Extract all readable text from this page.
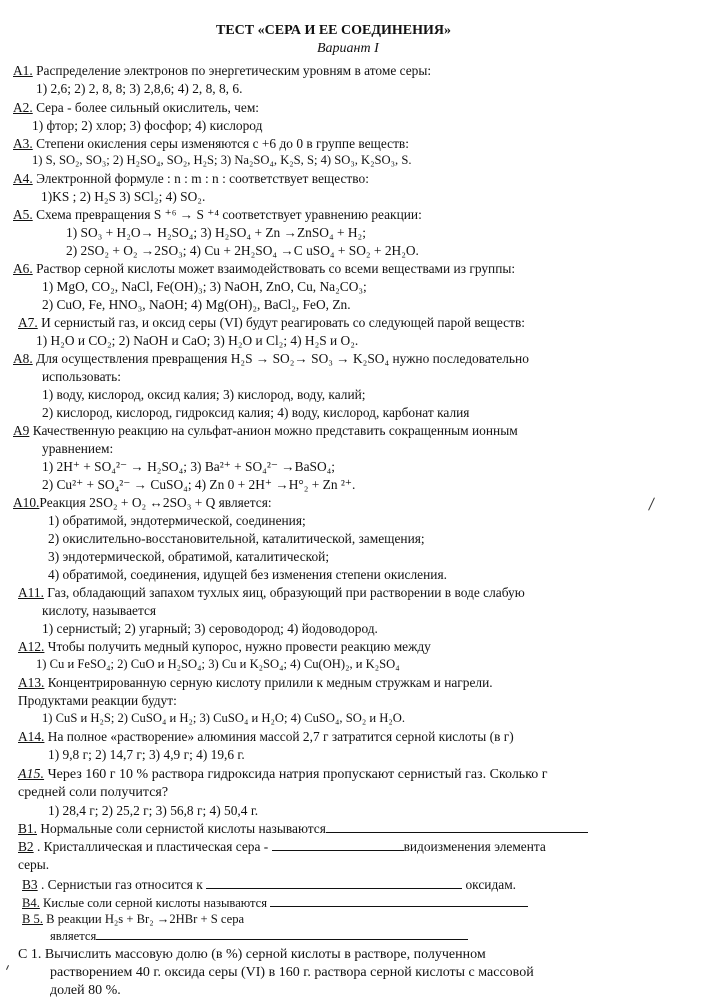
ТЕСТ «СЕРА И ЕЕ СОЕДИНЕНИЯ»
Вариант I
A1. Распределение электронов по энергетическим уровням в атоме серы:
1) 2,6; 2) 2, 8, 8; 3) 2,8,6; 4) 2, 8, 8, 6.
A2. Сера - более сильный окислитель, чем:
1) фтор; 2) хлор; 3) фосфор; 4) кислород
A3. Степени окисления серы изменяются с +6 до 0 в группе веществ:
1) S, SO₂, SO₃; 2) H₂SO₄, SO₂, H₂S; 3) Na₂SO₄, K₂S, S; 4) SO₃, K₂SO₃, S.
A4. Электронной формуле : n : m : n : соответствует вещество:
1)KS ; 2) H₂S 3) SCl₂; 4) SO₂.
A5. Схема превращения S ⁺⁶ → S ⁺⁴ соответствует уравнению реакции:
1) SO₃ + H₂O→ H₂SO₄; 3) H₂SO₄ + Zn →ZnSO₄ + H₂;
2) 2SO₂ + O₂ →2SO₃; 4) Cu + 2H₂SO₄ →C uSO₄ + SO₂ + 2H₂O.
A6. Раствор серной кислоты может взаимодействовать со всеми веществами из группы:
1) MgO, CO₂, NaCl, Fe(OH)₃; 3) NaOH, ZnO, Cu, Na₂CO₃;
2) CuO, Fe, HNO₃, NaOH; 4) Mg(OH)₂, BaCl₂, FeO, Zn.
A7. И сернистый газ, и оксид серы (VI) будут реагировать со следующей парой веществ:
1) H₂O и CO₂; 2) NaOH и CaO; 3) H₂O и Cl₂; 4) H₂S и O₂.
A8. Для осуществления превращения H₂S → SO₂→ SO₃ → K₂SO₄ нужно последовательно
использовать:
1) воду, кислород, оксид калия; 3) кислород, воду, калий;
2) кислород, кислород, гидроксид калия; 4) воду, кислород, карбонат калия
A9 Качественную реакцию на сульфат-анион можно представить сокращенным ионным
уравнением:
1) 2H⁺ + SO₄²⁻ → H₂SO₄; 3) Ba²⁺ + SO₄²⁻ →BaSO₄;
2) Cu²⁺ + SO₄²⁻ → CuSO₄; 4) Zn 0 + 2H⁺ →H°₂ + Zn ²⁺.
A10.Реакция 2SO₂ + O₂ ↔2SO₃ + Q является:
1) обратимой, эндотермической, соединения;
2) окислительно-восстановительной, каталитической, замещения;
3) эндотермической, обратимой, каталитической;
4) обратимой, соединения, идущей без изменения степени окисления.
A11. Газ, обладающий запахом тухлых яиц, образующий при растворении в воде слабую
кислоту, называется
1) сернистый; 2) угарный; 3) сероводород; 4) йодоводород.
A12. Чтобы получить медный купорос, нужно провести реакцию между
1) Cu и FeSO₄; 2) CuO и H₂SO₄; 3) Cu и K₂SO₄; 4) Cu(OH)₂, и K₂SO₄
A13. Концентрированную серную кислоту прилили к медным стружкам и нагрели.
Продуктами реакции будут:
1) CuS и H₂S; 2) CuSO₄ и H₂; 3) CuSO₄ и H₂O; 4) CuSO₄, SO₂ и H₂O.
A14. На полное «растворение» алюминия массой 2,7 г затратится серной кислоты (в г)
1) 9,8 г; 2) 14,7 г; 3) 4,9 г; 4) 19,6 г.
A15. Через 160 г 10 % раствора гидроксида натрия пропускают сернистый газ. Сколько г
средней соли получится?
1) 28,4 г; 2) 25,2 г; 3) 56,8 г; 4) 50,4 г.
B1. Нормальные соли сернистой кислоты называются
B2 . Кристаллическая и пластическая сера -	видоизменения элемента
серы.
B3 . Сернистыи газ относится к	оксидам.
B4. Кислые соли серной кислоты называются
B 5. В реакции H₂s + Br₂ →2HBr + S сера
является
C 1. Вычислить массовую долю (в %) серной кислоты в растворе, полученном
растворением 40 г. оксида серы (VI) в 160 г. раствора серной кислоты с массовой
долей 80 %.
